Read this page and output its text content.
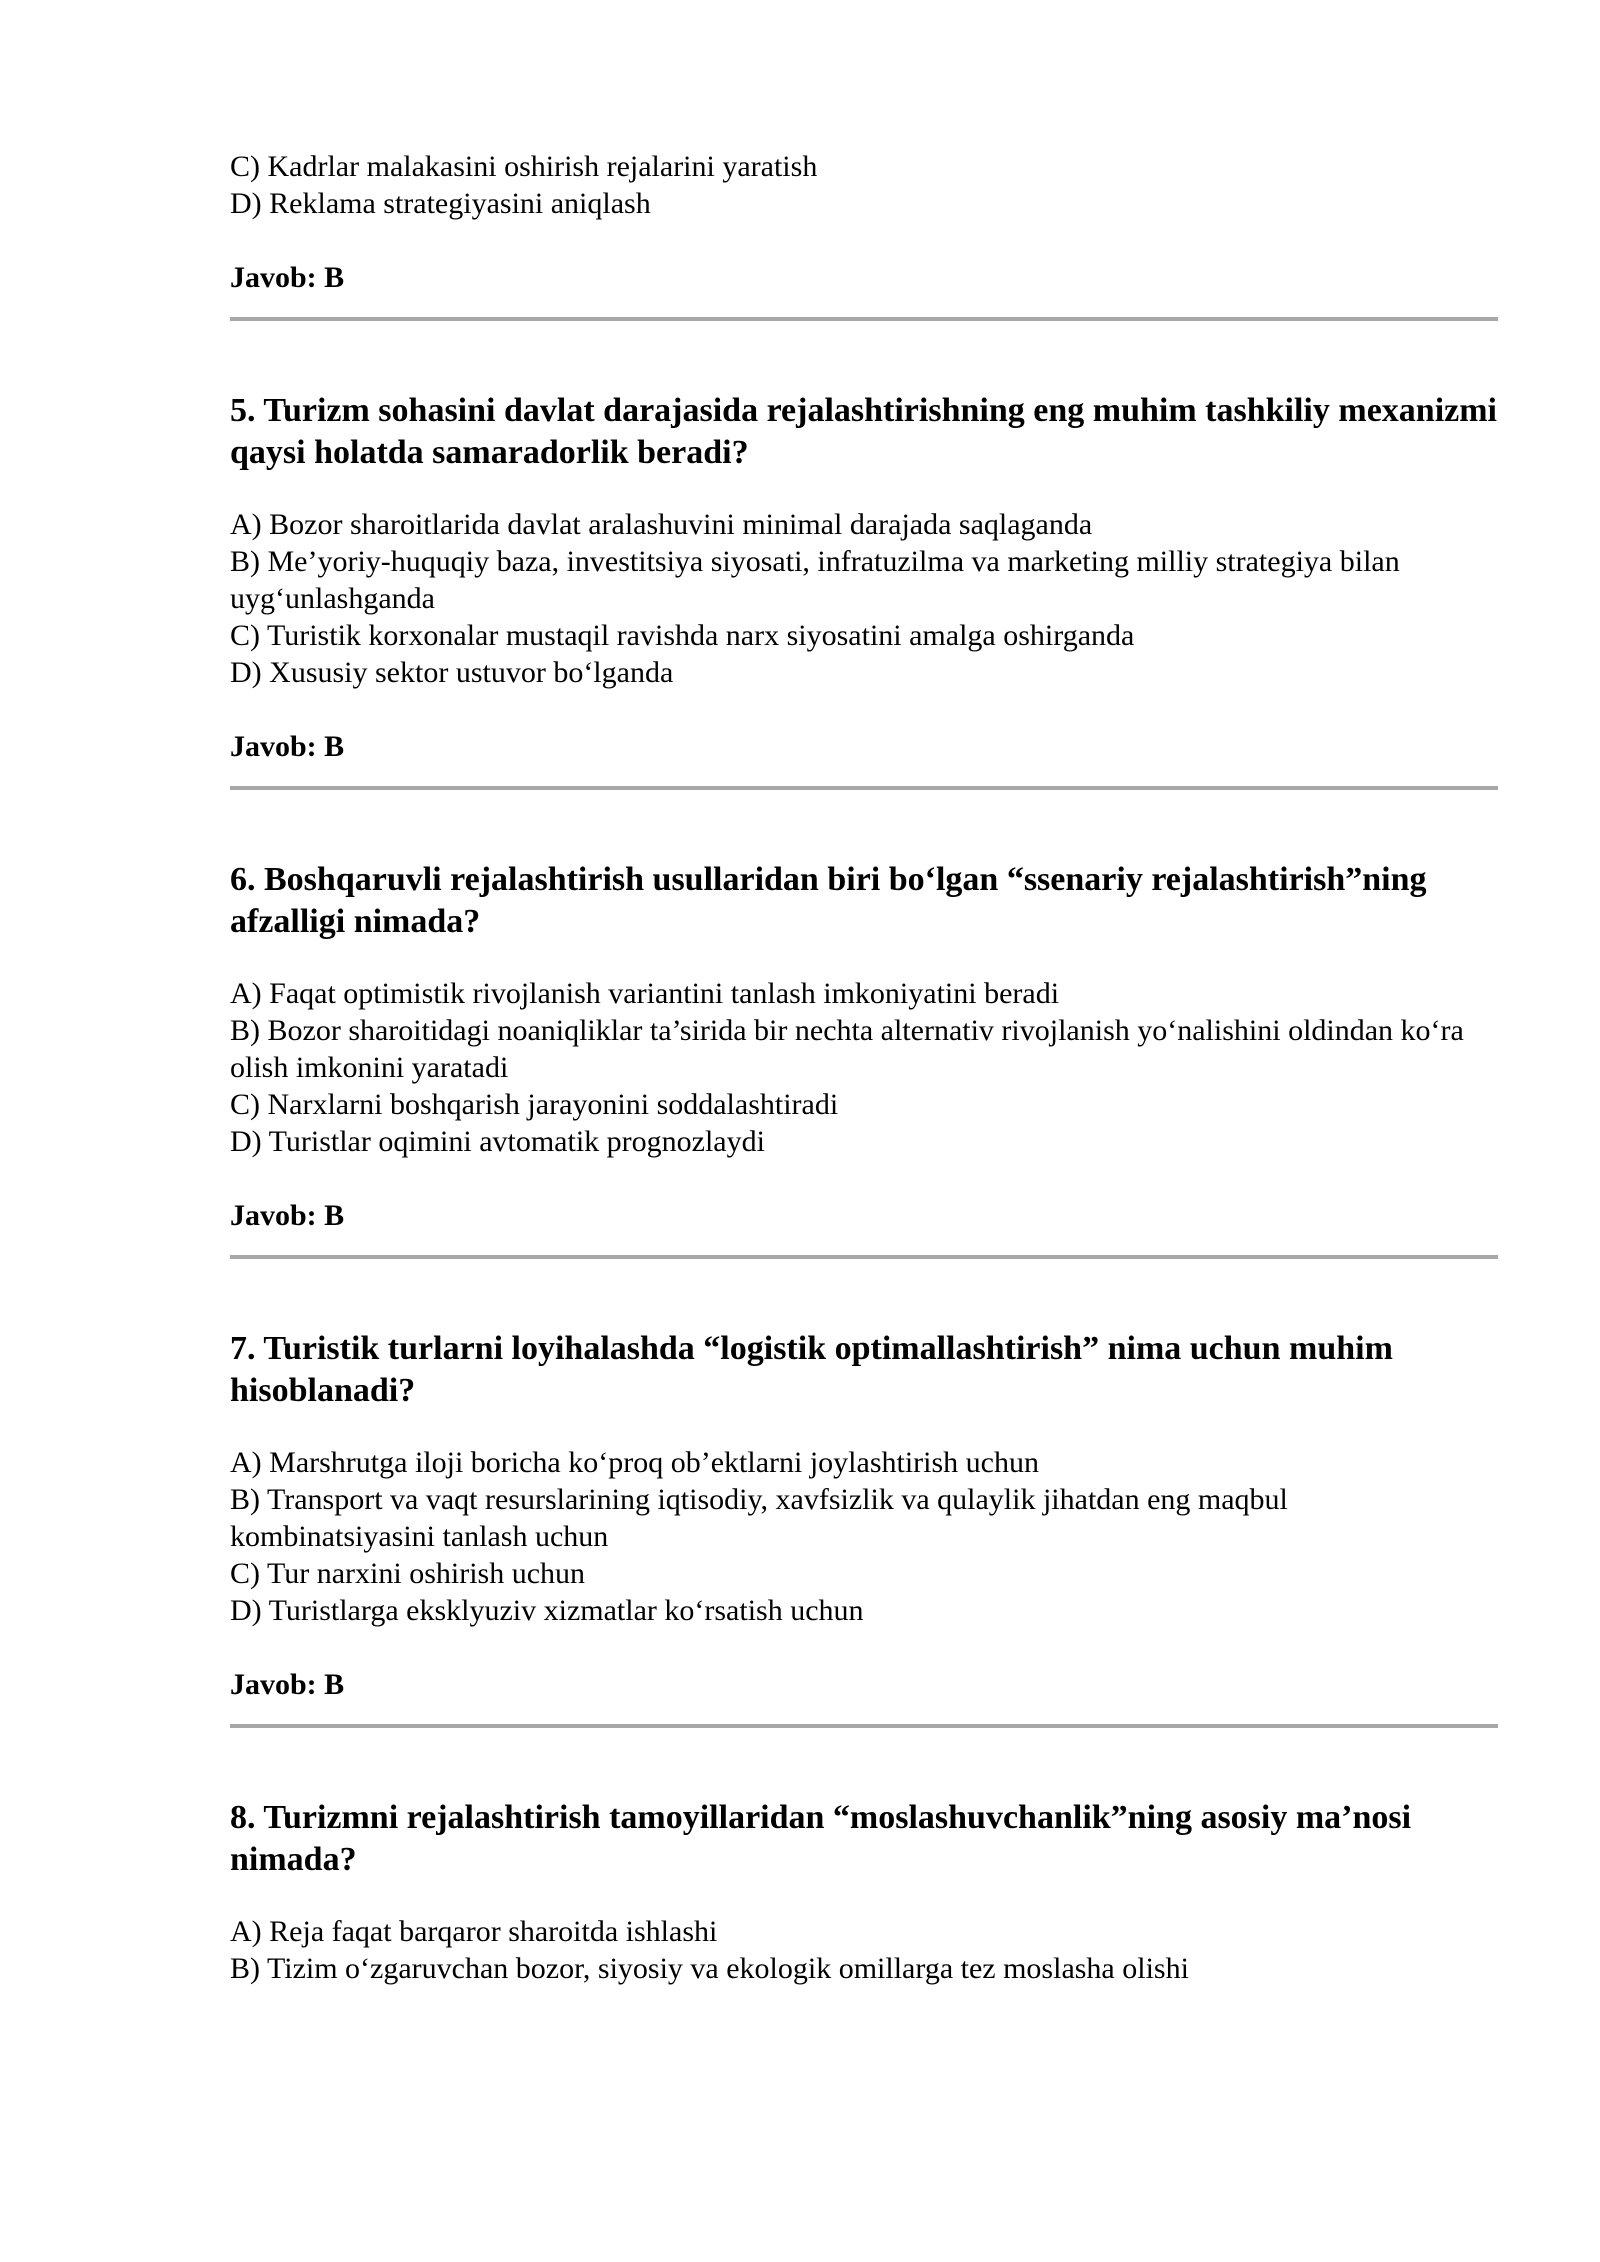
C) Kadrlar malakasini oshirish rejalarini yaratish

D) Reklama strategiyasini aniqlash

Javob: B

5. Turizm sohasini davlat darajasida rejalashtirishning eng muhim tashkiliy mexanizmi qaysi holatda samaradorlik beradi?

A) Bozor sharoitlarida davlat aralashuvini minimal darajada saqlaganda

B) Me’yoriy-huquqiy baza, investitsiya siyosati, infratuzilma va marketing milliy strategiya bilan uyg‘unlashganda

C) Turistik korxonalar mustaqil ravishda narx siyosatini amalga oshirganda

D) Xususiy sektor ustuvor bo‘lganda

Javob: B

6. Boshqaruvli rejalashtirish usullaridan biri bo‘lgan “ssenariy rejalashtirish”ning afzalligi nimada?

A) Faqat optimistik rivojlanish variantini tanlash imkoniyatini beradi

B) Bozor sharoitidagi noaniqliklar ta’sirida bir nechta alternativ rivojlanish yo‘nalishini oldindan ko‘ra olish imkonini yaratadi

C) Narxlarni boshqarish jarayonini soddalashtiradi

D) Turistlar oqimini avtomatik prognozlaydi

Javob: B

7. Turistik turlarni loyihalashda “logistik optimallashtirish” nima uchun muhim hisoblanadi?

A) Marshrutga iloji boricha ko‘proq ob’ektlarni joylashtirish uchun

B) Transport va vaqt resurslarining iqtisodiy, xavfsizlik va qulaylik jihatdan eng maqbul kombinatsiyasini tanlash uchun

C) Tur narxini oshirish uchun

D) Turistlarga eksklyuziv xizmatlar ko‘rsatish uchun

Javob: B

8. Turizmni rejalashtirish tamoyillaridan “moslashuvchanlik”ning asosiy ma’nosi nimada?

A) Reja faqat barqaror sharoitda ishlashi

B) Tizim o‘zgaruvchan bozor, siyosiy va ekologik omillarga tez moslasha olishi
